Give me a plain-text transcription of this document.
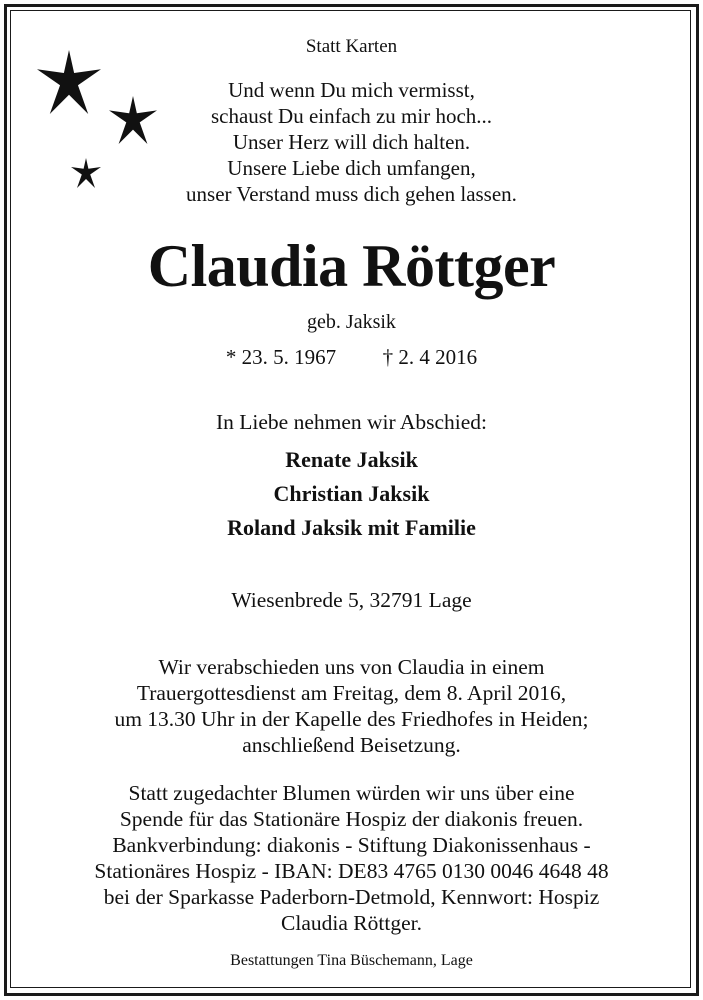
Statt Karten
Und wenn Du mich vermisst,
schaust Du einfach zu mir hoch...
Unser Herz will dich halten.
Unsere Liebe dich umfangen,
unser Verstand muss dich gehen lassen.
Claudia Röttger
geb. Jaksik
* 23. 5. 1967 † 2. 4 2016
In Liebe nehmen wir Abschied:
Renate Jaksik
Christian Jaksik
Roland Jaksik mit Familie
Wiesenbrede 5, 32791 Lage
Wir verabschieden uns von Claudia in einem
Trauergottesdienst am Freitag, dem 8. April 2016,
um 13.30 Uhr in der Kapelle des Friedhofes in Heiden;
anschließend Beisetzung.
Statt zugedachter Blumen würden wir uns über eine
Spende für das Stationäre Hospiz der diakonis freuen.
Bankverbindung: diakonis - Stiftung Diakonissenhaus -
Stationäres Hospiz - IBAN: DE83 4765 0130 0046 4648 48
bei der Sparkasse Paderborn-Detmold, Kennwort: Hospiz
Claudia Röttger.
Bestattungen Tina Büschemann, Lage
